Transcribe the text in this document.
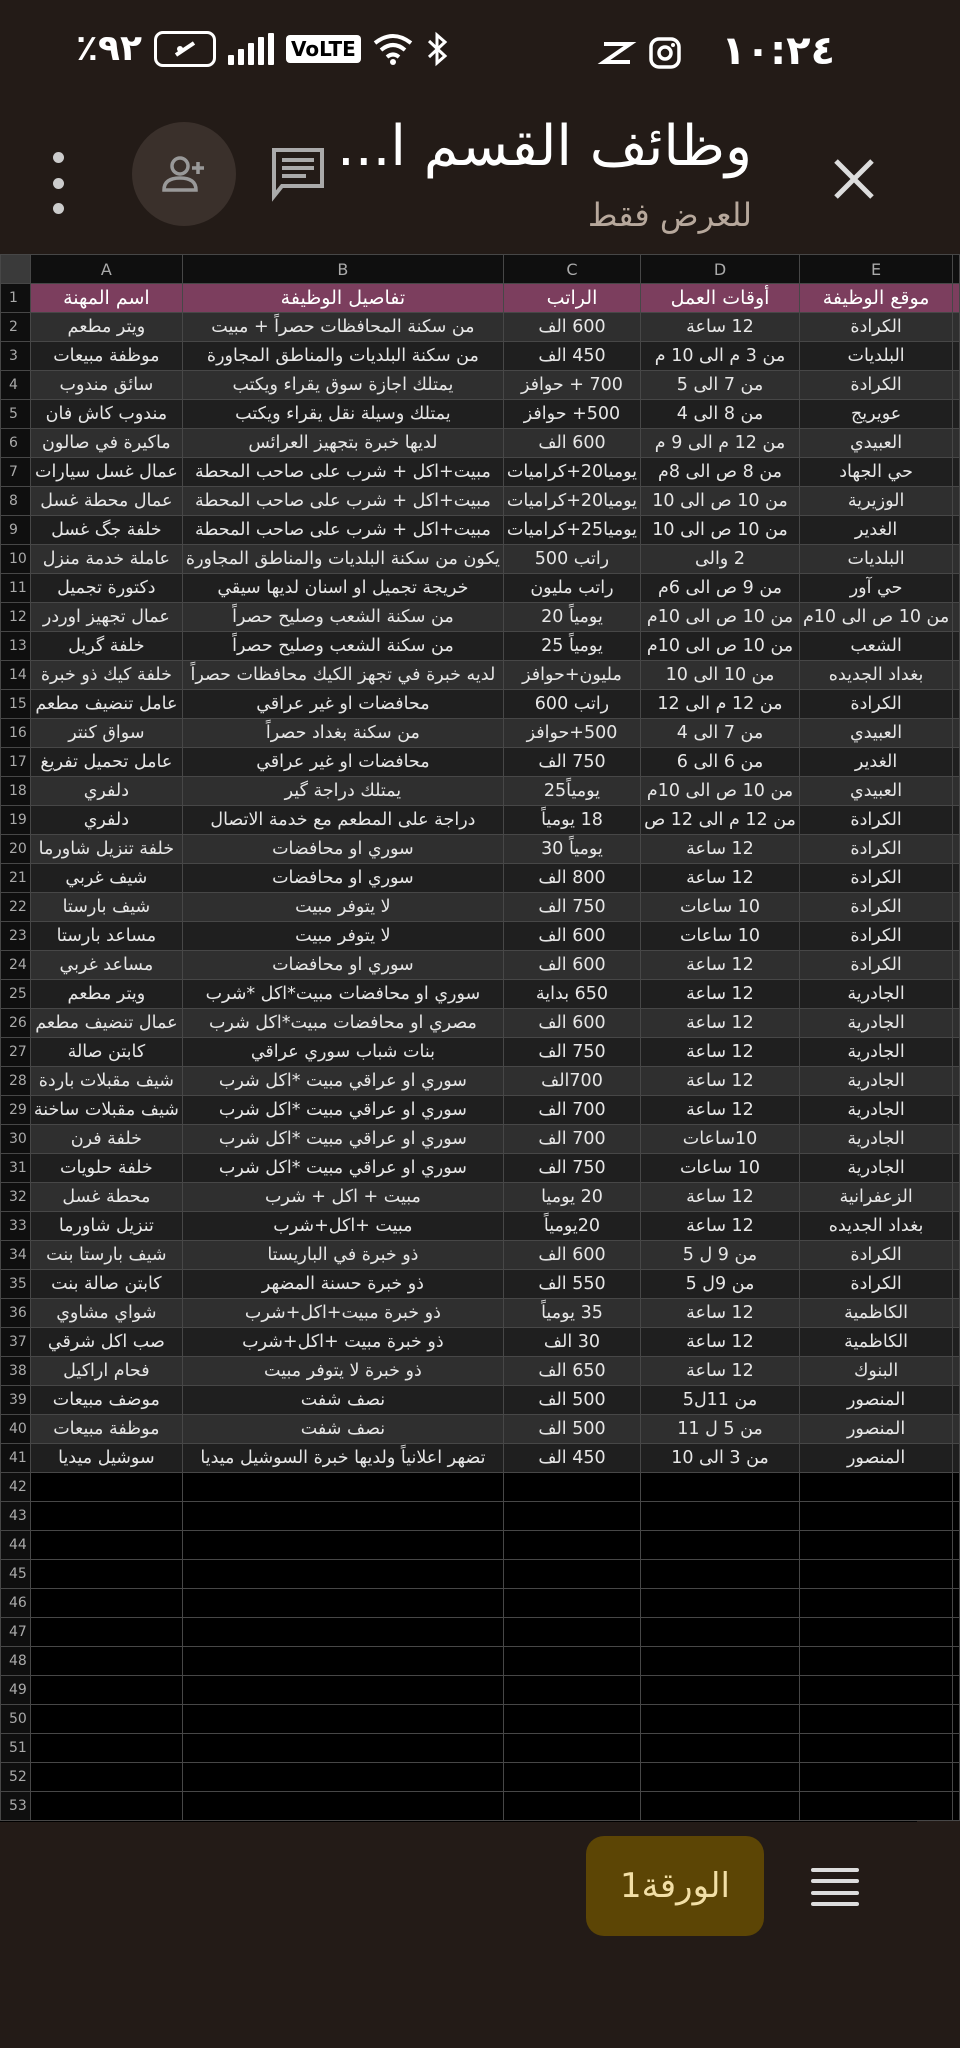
٪٩٢	VoLTE	١٠:٢٤
وظائف القسم ا...
للعرض فقط
	A	B	C	D	E	
1	اسم المهنة	تفاصيل الوظيفة	الراتب	أوقات العمل	موقع الوظيفة	
2	ويتر مطعم	من سكنة المحافظات حصراً + مبيت	600 الف	12 ساعة	الكرادة	
3	موظفة مبيعات	من سكنة البلديات والمناطق المجاورة	450 الف	من 3 م الى 10 م	البلديات	
4	سائق مندوب	يمتلك اجازة سوق يقراء ويكتب	700 + حوافز	من 7 الى 5	الكرادة	
5	مندوب كاش فان	يمتلك وسيلة نقل يقراء ويكتب	500+ حوافز	من 8 الى 4	عويريج	
6	ماكيرة في صالون	لديها خبرة بتجهيز العرائس	600 الف	من 12 م الى 9 م	العبيدي	
7	عمال غسل سيارات	مبيت+اكل + شرب على صاحب المحطة	يوميا20+كراميات	من 8 ص الى 8م	حي الجهاد	
8	عمال محطة غسل	مبيت+اكل + شرب على صاحب المحطة	يوميا20+كراميات	من 10 ص الى 10	الوزيرية	
9	خلفة جگ غسل	مبيت+اكل + شرب على صاحب المحطة	يوميا25+كراميات	من 10 ص الى 10	الغدير	
10	عاملة خدمة منزل	يكون من سكنة البلديات والمناطق المجاورة	راتب 500	2 والى	البلديات	
11	دكتورة تجميل	خريجة تجميل او اسنان لديها سيقي	راتب مليون	من 9 ص الى 6م	حي آور	
12	عمال تجهيز اوردر	من سكنة الشعب وصليح حصراً	يومياً 20	من 10 ص الى 10م	من 10 ص الى 10م	
13	خلفة گريل	من سكنة الشعب وصليح حصراً	يومياً 25	من 10 ص الى 10م	الشعب	
14	خلفة كيك ذو خبرة	لديه خبرة في تجهز الكيك محافظات حصراً	مليون+حوافز	من 10 الى 10	بغداد الجديده	
15	عامل تنضيف مطعم	محافضات او غير عراقي	راتب 600	من 12 م الى 12	الكرادة	
16	سواق كنتر	من سكنة بغداد حصراً	500+حوافز	من 7 الى 4	العبيدي	
17	عامل تحميل تفريغ	محافضات او غير عراقي	750 الف	من 6 الى 6	الغدير	
18	دلفري	يمتلك دراجة گير	يومياً25	من 10 ص الى 10م	العبيدي	
19	دلفري	دراجة على المطعم مع خدمة الاتصال	18 يومياً	من 12 م الى 12 ص	الكرادة	
20	خلفة تنزيل شاورما	سوري او محافضات	يومياً 30	12 ساعة	الكرادة	
21	شيف غربي	سوري او محافضات	800 الف	12 ساعة	الكرادة	
22	شيف بارستا	لا يتوفر مبيت	750 الف	10 ساعات	الكرادة	
23	مساعد بارستا	لا يتوفر مبيت	600 الف	10 ساعات	الكرادة	
24	مساعد غربي	سوري او محافضات	600 الف	12 ساعة	الكرادة	
25	ويتر مطعم	سوري او محافضات مبيت*اكل *شرب	650 بداية	12 ساعة	الجادرية	
26	عمال تنضيف مطعم	مصري او محافضات مبيت*اكل شرب	600 الف	12 ساعة	الجادرية	
27	كابتن صالة	بنات شباب سوري عراقي	750 الف	12 ساعة	الجادرية	
28	شيف مقبلات باردة	سوري او عراقي مبيت *اكل شرب	700الف	12 ساعة	الجادرية	
29	شيف مقبلات ساخنة	سوري او عراقي مبيت *اكل شرب	700 الف	12 ساعة	الجادرية	
30	خلفة فرن	سوري او عراقي مبيت *اكل شرب	700 الف	10ساعات	الجادرية	
31	خلفة حلويات	سوري او عراقي مبيت *اكل شرب	750 الف	10 ساعات	الجادرية	
32	محطة غسل	مبيت + اكل + شرب	20 يوميا	12 ساعة	الزعفرانية	
33	تنزيل شاورما	مبيت +اكل+شرب	20يومياً	12 ساعة	بغداد الجديده	
34	شيف بارستا بنت	ذو خبرة في الباريستا	600 الف	من 9 ل 5	الكرادة	
35	كابتن صالة بنت	ذو خبرة حسنة المضهر	550 الف	من 9ل 5	الكرادة	
36	شواي مشاوي	ذو خبرة مبيت+اكل+شرب	35 يومياً	12 ساعة	الكاظمية	
37	صب اكل شرقي	ذو خبرة مبيت +اكل+شرب	30 الف	12 ساعة	الكاظمية	
38	فحام اراكيل	ذو خبرة لا يتوفر مبيت	650 الف	12 ساعة	البنوك	
39	موضف مبيعات	نصف شفت	500 الف	من 11ل5	المنصور	
40	موظفة مبيعات	نصف شفت	500 الف	من 5 ل 11	المنصور	
41	سوشيل ميديا	تضهر اعلانياً ولديها خبرة السوشيل ميديا	450 الف	من 3 الى 10	المنصور	
42						
43						
44						
45						
46						
47						
48						
49						
50						
51						
52						
53						
الورقة1
